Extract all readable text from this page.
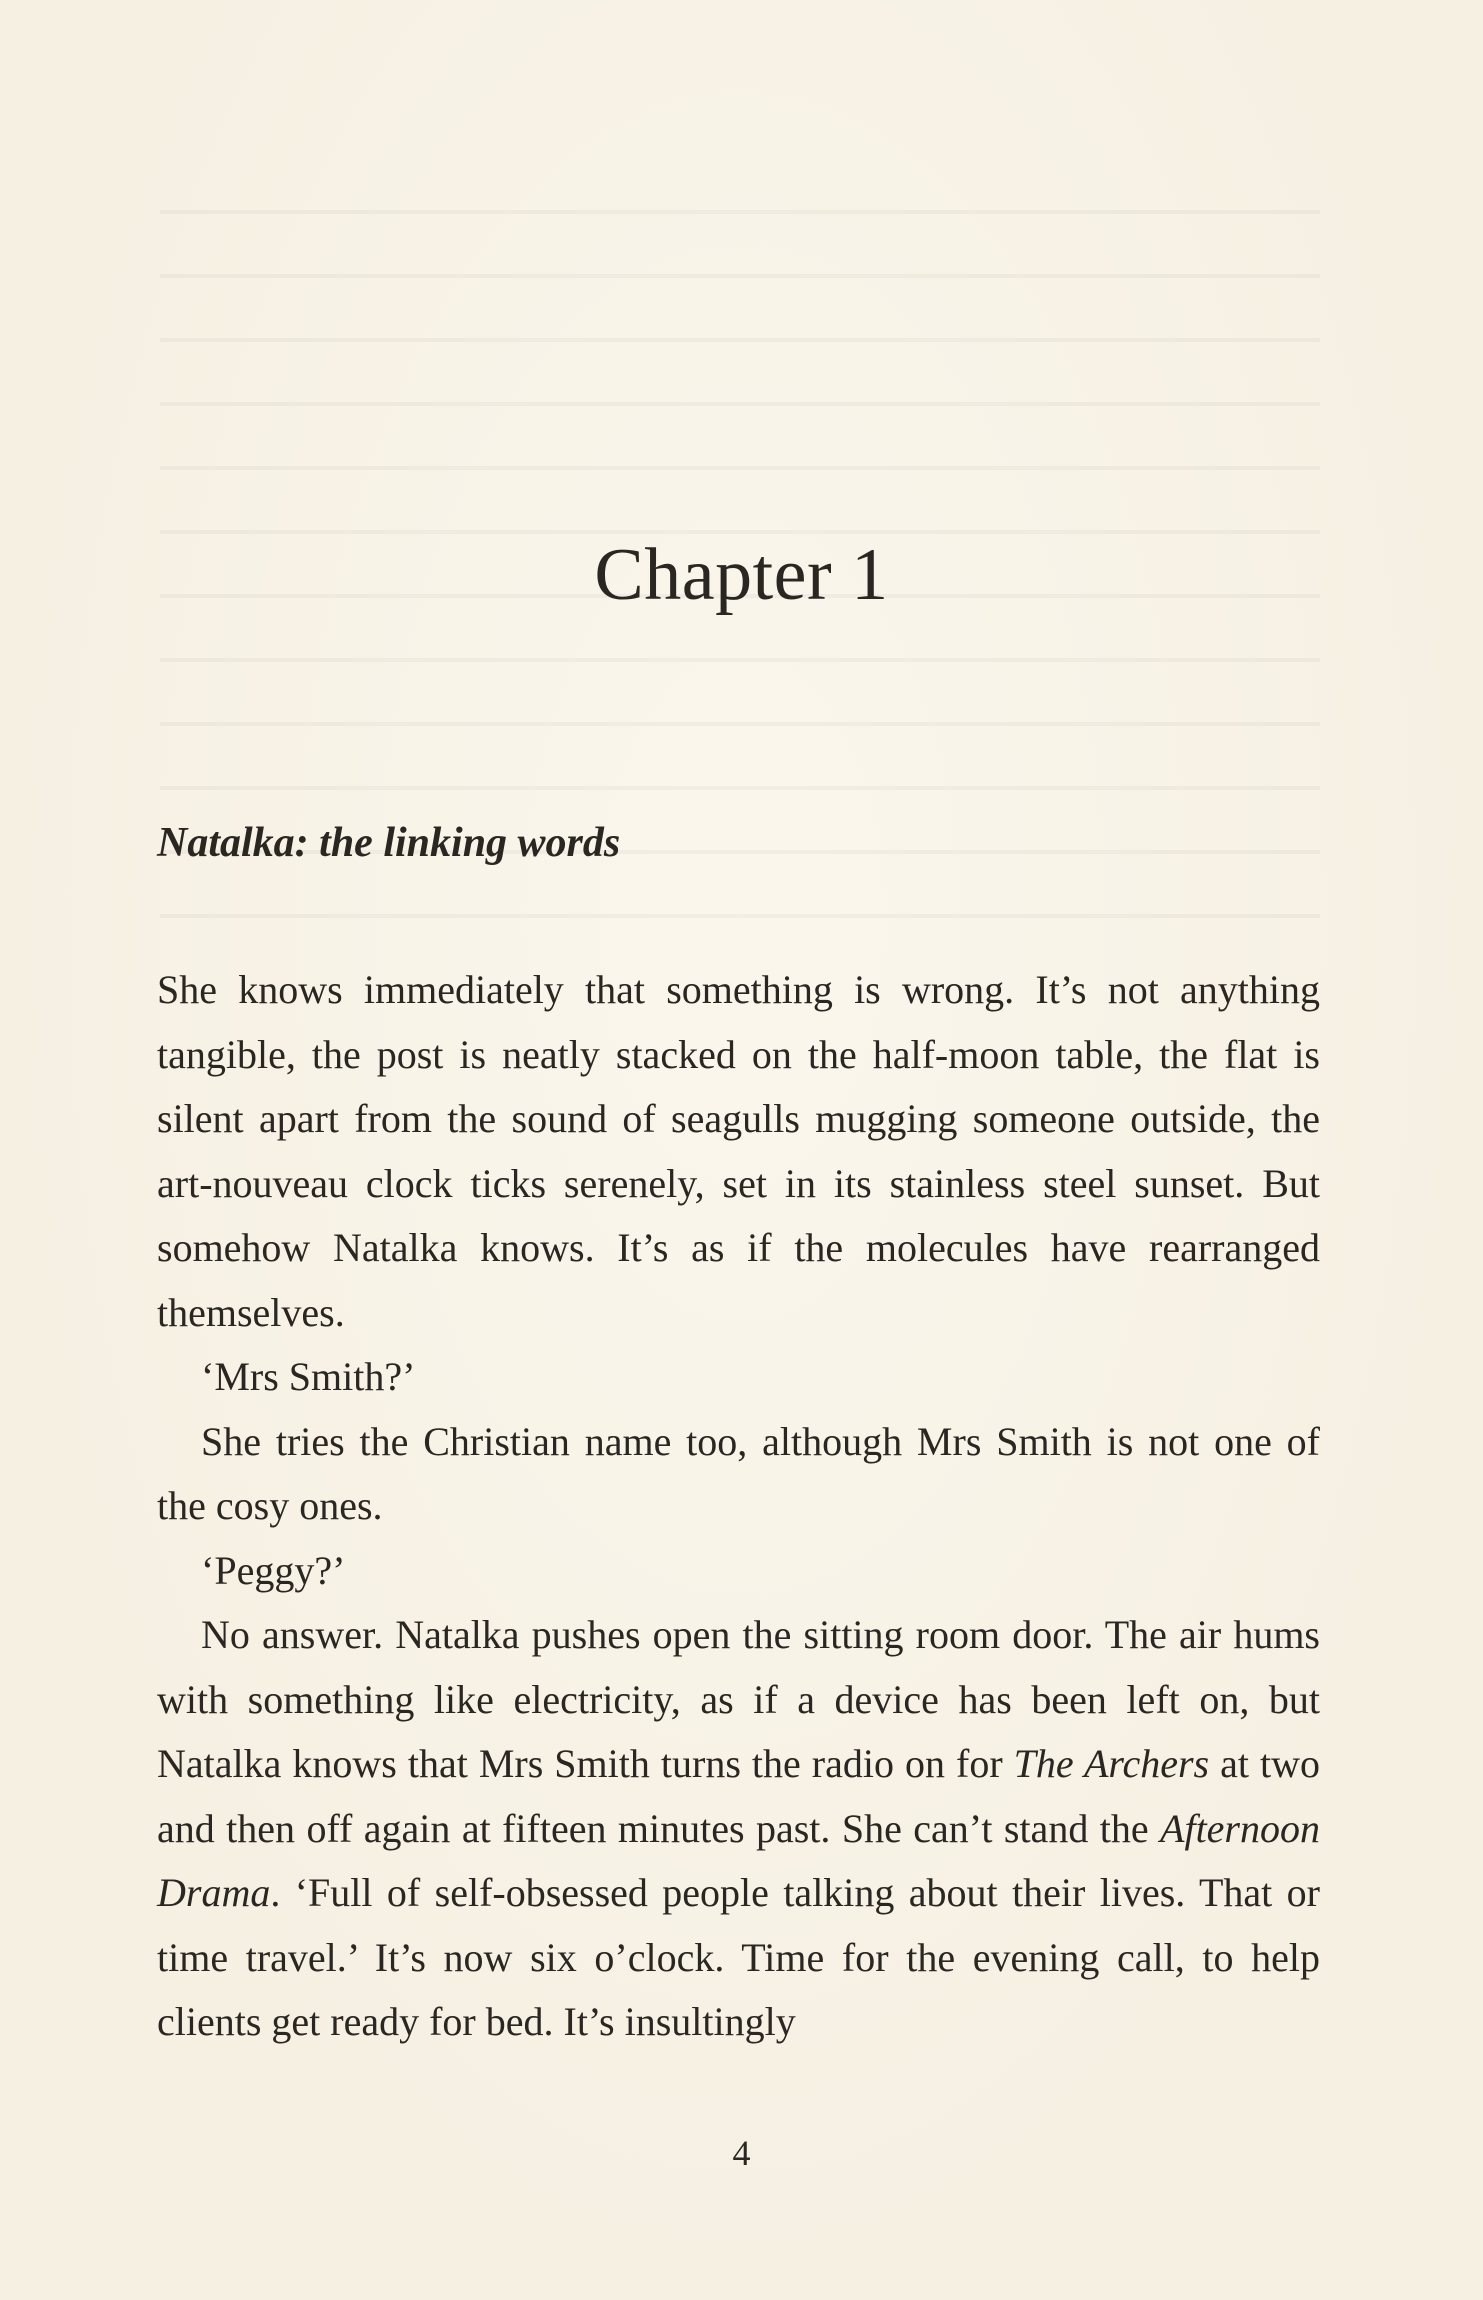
Chapter 1
Natalka: the linking words

She knows immediately that something is wrong. It’s not anything tangible, the post is neatly stacked on the half-moon table, the flat is silent apart from the sound of seagulls mugging someone outside, the art-nouveau clock ticks serenely, set in its stainless steel sunset. But somehow Natalka knows. It’s as if the molecules have rearranged themselves.

‘Mrs Smith?’

She tries the Christian name too, although Mrs Smith is not one of the cosy ones.

‘Peggy?’

No answer. Natalka pushes open the sitting room door. The air hums with something like electricity, as if a device has been left on, but Natalka knows that Mrs Smith turns the radio on for The Archers at two and then off again at fifteen minutes past. She can’t stand the Afternoon Drama. ‘Full of self-obsessed people talking about their lives. That or time travel.’ It’s now six o’clock. Time for the evening call, to help clients get ready for bed. It’s insultingly

4
